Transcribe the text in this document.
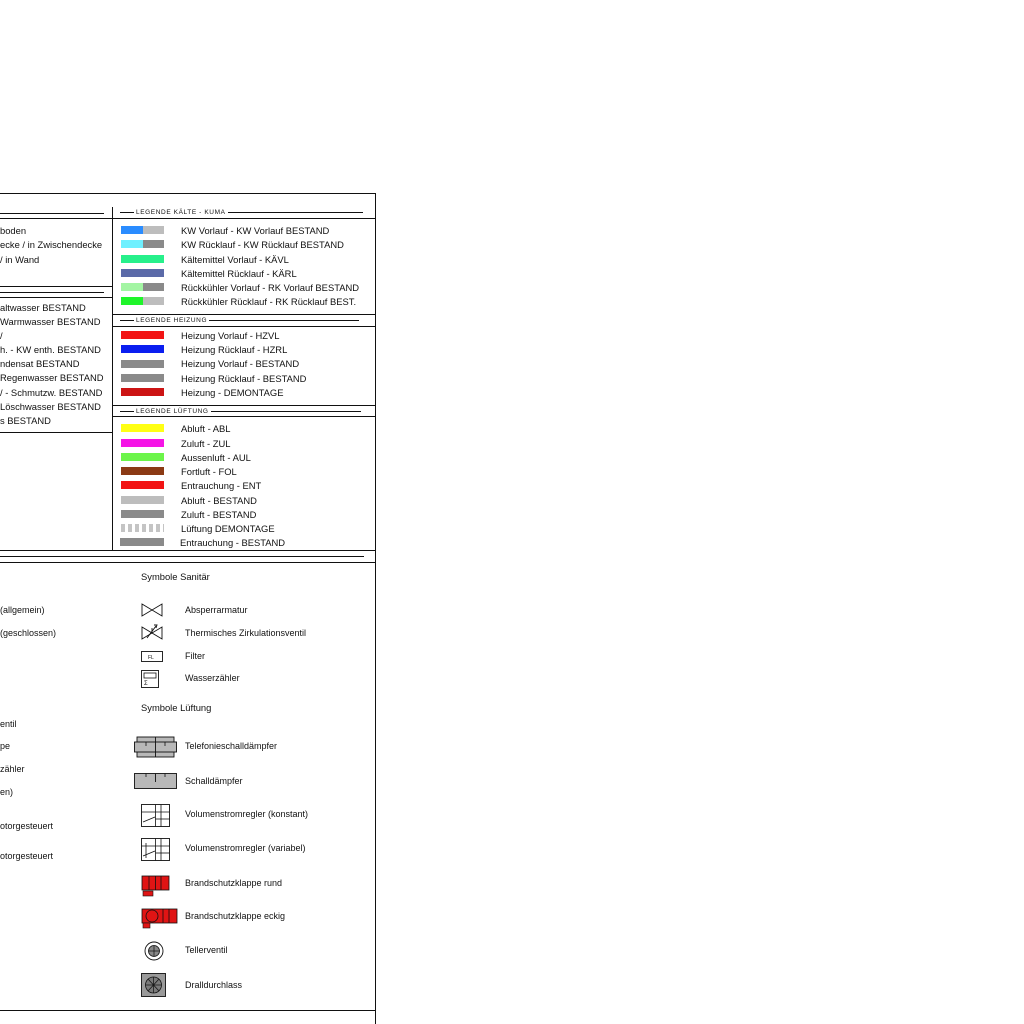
LEGENDE KÄLTE - KUMA
LEGENDE HEIZUNG
LEGENDE LÜFTUNG
boden
ecke / in Zwischendecke
/ in Wand
altwasser BESTAND
Warmwasser BESTAND
/
h. - KW enth. BESTAND
ndensat BESTAND
Regenwasser BESTAND
/ - Schmutzw. BESTAND
Löschwasser BESTAND
s BESTAND
(allgemein)
(geschlossen)
entil
pe
zähler
en)
otorgesteuert
otorgesteuert
KW Vorlauf - KW Vorlauf BESTAND
KW Rücklauf - KW Rücklauf BESTAND
Kältemittel Vorlauf - KÄVL
Kältemittel Rücklauf - KÄRL
Rückkühler Vorlauf - RK Vorlauf BESTAND
Rückkühler Rücklauf - RK Rücklauf BEST.
Heizung Vorlauf - HZVL
Heizung Rücklauf - HZRL
Heizung Vorlauf - BESTAND
Heizung Rücklauf - BESTAND
Heizung - DEMONTAGE
Abluft - ABL
Zuluft - ZUL
Aussenluft - AUL
Fortluft - FOL
Entrauchung - ENT
Abluft - BESTAND
Zuluft - BESTAND
Lüftung DEMONTAGE
Entrauchung - BESTAND
Symbole Sanitär
Absperrarmatur
Thermisches Zirkulationsventil
FL	Filter
Σ
Wasserzähler
Symbole Lüftung
Telefonieschalldämpfer
Schalldämpfer
Volumenstromregler (konstant)
Volumenstromregler (variabel)
Brandschutzklappe rund
Brandschutzklappe eckig
Tellerventil
Dralldurchlass
